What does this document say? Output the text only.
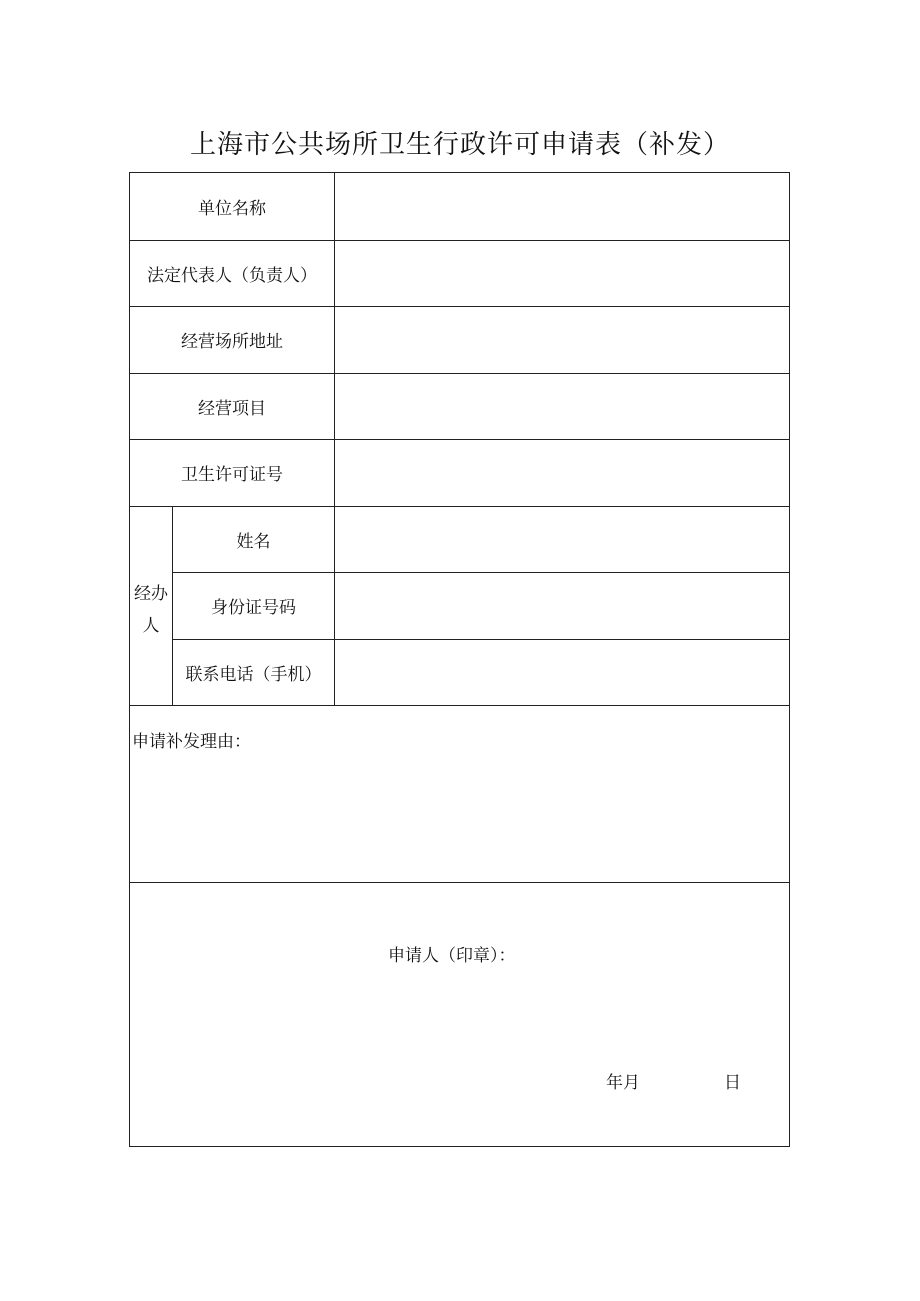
上海市公共场所卫生行政许可申请表（补发）
单位名称
法定代表人（负责人）
经营场所地址
经营项目
卫生许可证号
经办
人
姓名
身份证号码
联系电话（手机）
申请补发理由：
申请人（印章）：
年月	日
